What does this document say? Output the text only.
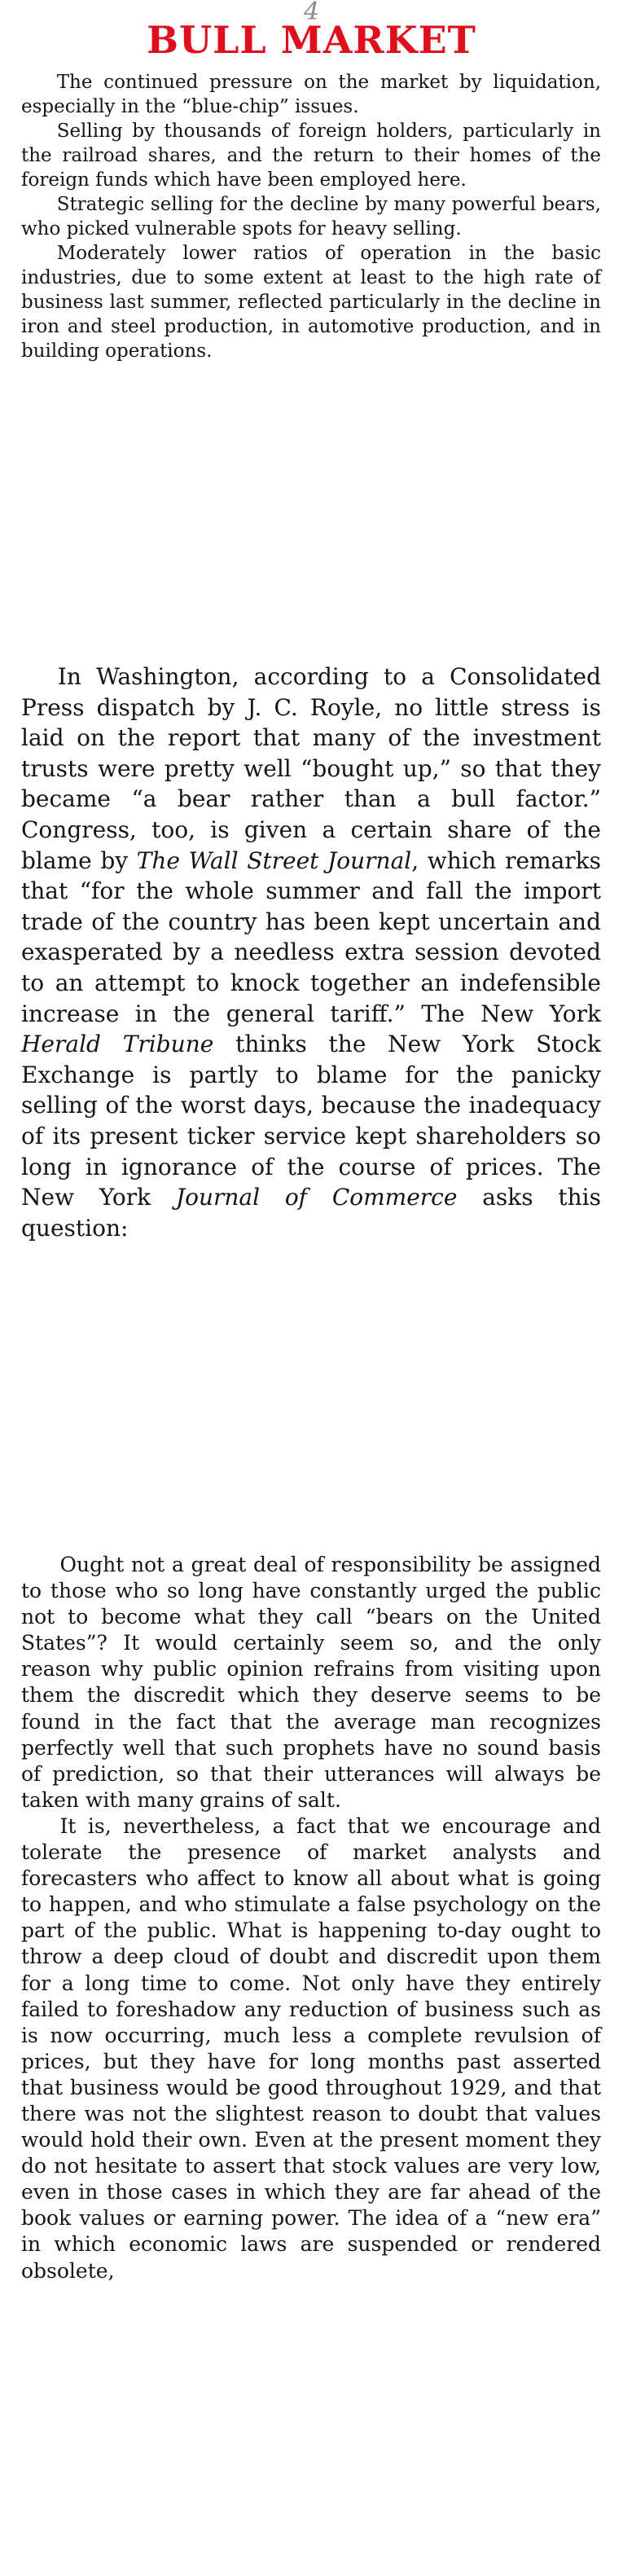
4
BULL MARKET

The continued pressure on the market by liquidation, especially in the “blue-chip” issues.

Selling by thousands of foreign holders, particularly in the railroad shares, and the return to their homes of the foreign funds which have been employed here.

Strategic selling for the decline by many powerful bears, who picked vulnerable spots for heavy selling.

Moderately lower ratios of operation in the basic industries, due to some extent at least to the high rate of business last summer, reflected particularly in the decline in iron and steel production, in automotive production, and in building operations.

In Washington, according to a Consolidated Press dispatch by J. C. Royle, no little stress is laid on the report that many of the investment trusts were pretty well “bought up,” so that they became “a bear rather than a bull factor.” Congress, too, is given a certain share of the blame by The Wall Street Journal, which remarks that “for the whole summer and fall the import trade of the country has been kept uncertain and exasperated by a needless extra session devoted to an attempt to knock together an indefensible increase in the general tariff.” The New York Herald Tribune thinks the New York Stock Exchange is partly to blame for the panicky selling of the worst days, because the inadequacy of its present ticker service kept shareholders so long in ignorance of the course of prices. The New York Journal of Commerce asks this question:

Ought not a great deal of responsibility be assigned to those who so long have constantly urged the public not to become what they call “bears on the United States”? It would certainly seem so, and the only reason why public opinion refrains from visiting upon them the discredit which they deserve seems to be found in the fact that the average man recognizes perfectly well that such prophets have no sound basis of prediction, so that their utterances will always be taken with many grains of salt.

It is, nevertheless, a fact that we encourage and tolerate the presence of market analysts and forecasters who affect to know all about what is going to happen, and who stimulate a false psychology on the part of the public. What is happening to-day ought to throw a deep cloud of doubt and discredit upon them for a long time to come. Not only have they entirely failed to foreshadow any reduction of business such as is now occurring, much less a complete revulsion of prices, but they have for long months past asserted that business would be good throughout 1929, and that there was not the slightest reason to doubt that values would hold their own. Even at the present moment they do not hesitate to assert that stock values are very low, even in those cases in which they are far ahead of the book values or earning power. The idea of a “new era” in which economic laws are suspended or rendered obsolete,
